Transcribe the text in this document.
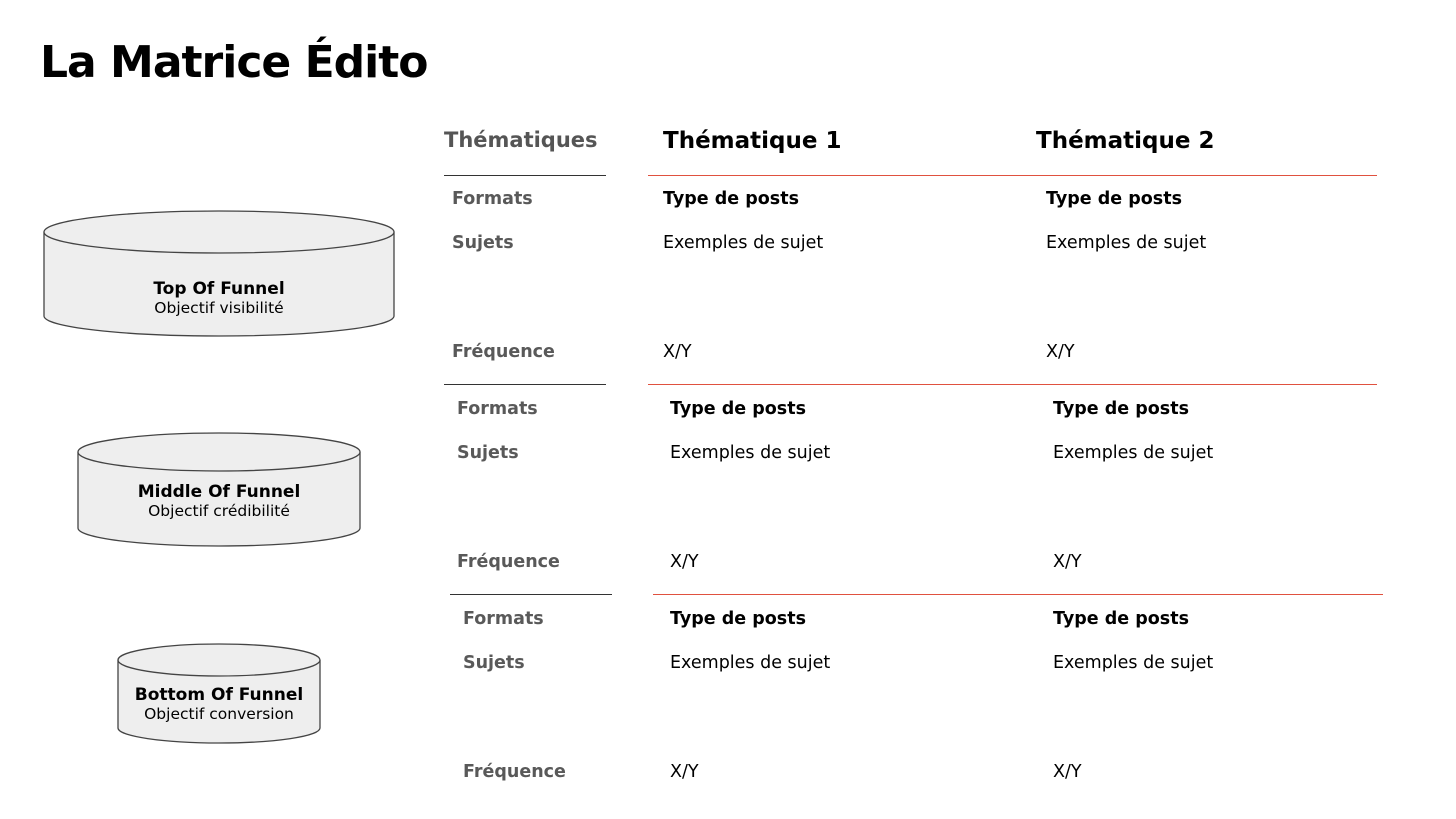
La Matrice Édito
Top Of Funnel
Objectif visibilité
Middle Of Funnel
Objectif crédibilité
Bottom Of Funnel
Objectif conversion
Thématiques	Thématique 1	Thématique 2
Formats	Type de posts	Type de posts
Sujets	Exemples de sujet	Exemples de sujet
Fréquence	X/Y	X/Y
Formats	Type de posts	Type de posts
Sujets	Exemples de sujet	Exemples de sujet
Fréquence	X/Y	X/Y
Formats	Type de posts	Type de posts
Sujets	Exemples de sujet	Exemples de sujet
Fréquence	X/Y	X/Y
